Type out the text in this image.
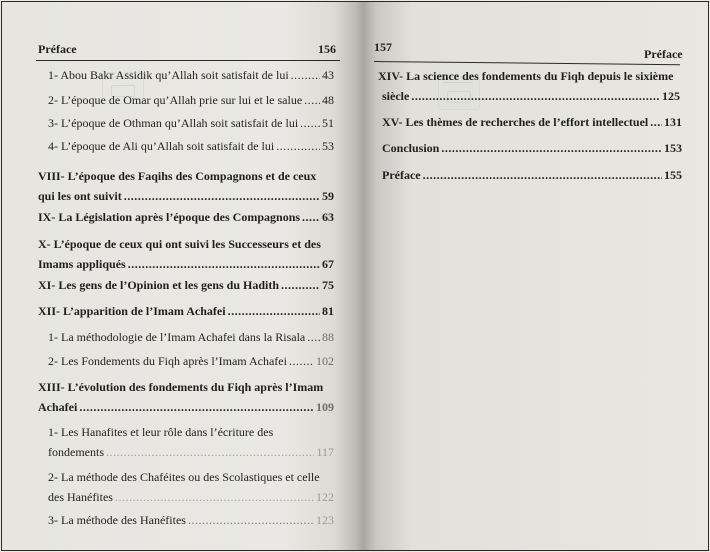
Préface	156
1- Abou Bakr Assidik qu’Allah soit satisfait de lui .....	43
2- L’époque de Omar qu’Allah prie sur lui et le salue ..... 48
3- L’époque de Othman qu’Allah soit satisfait de lui ..... 51
4- L’époque de Ali qu’Allah soit satisfait de lui .....	53
VIII- L’époque des Faqihs des Compagnons et de ceux
qui les ont suivit .....	59
IX- La Législation après l’époque des Compagnons ..... 63
X- L’époque de ceux qui ont suivi les Successeurs et des
Imams appliqués .....	67
XI- Les gens de l’Opinion et les gens du Hadith .....	75
XII- L’apparition de l’Imam Achafei .....	81
1- La méthodologie de l’Imam Achafei dans la Risala ..... 88
2- Les Fondements du Fiqh après l’Imam Achafei ..... 102
XIII- L’évolution des fondements du Fiqh après l’Imam
Achafei .....	109
1- Les Hanafites et leur rôle dans l’écriture des
fondements .....	117
2- La méthode des Chaféites ou des Scolastiques et celle
des Hanéfites .....	122
3- La méthode des Hanéfites .....	123
157	Préface
XIV- La science des fondements du Fiqh depuis le sixième
siècle .....	125
XV- Les thèmes de recherches de l’effort intellectuel ..... 131
Conclusion .....	153
Préface .....	155
